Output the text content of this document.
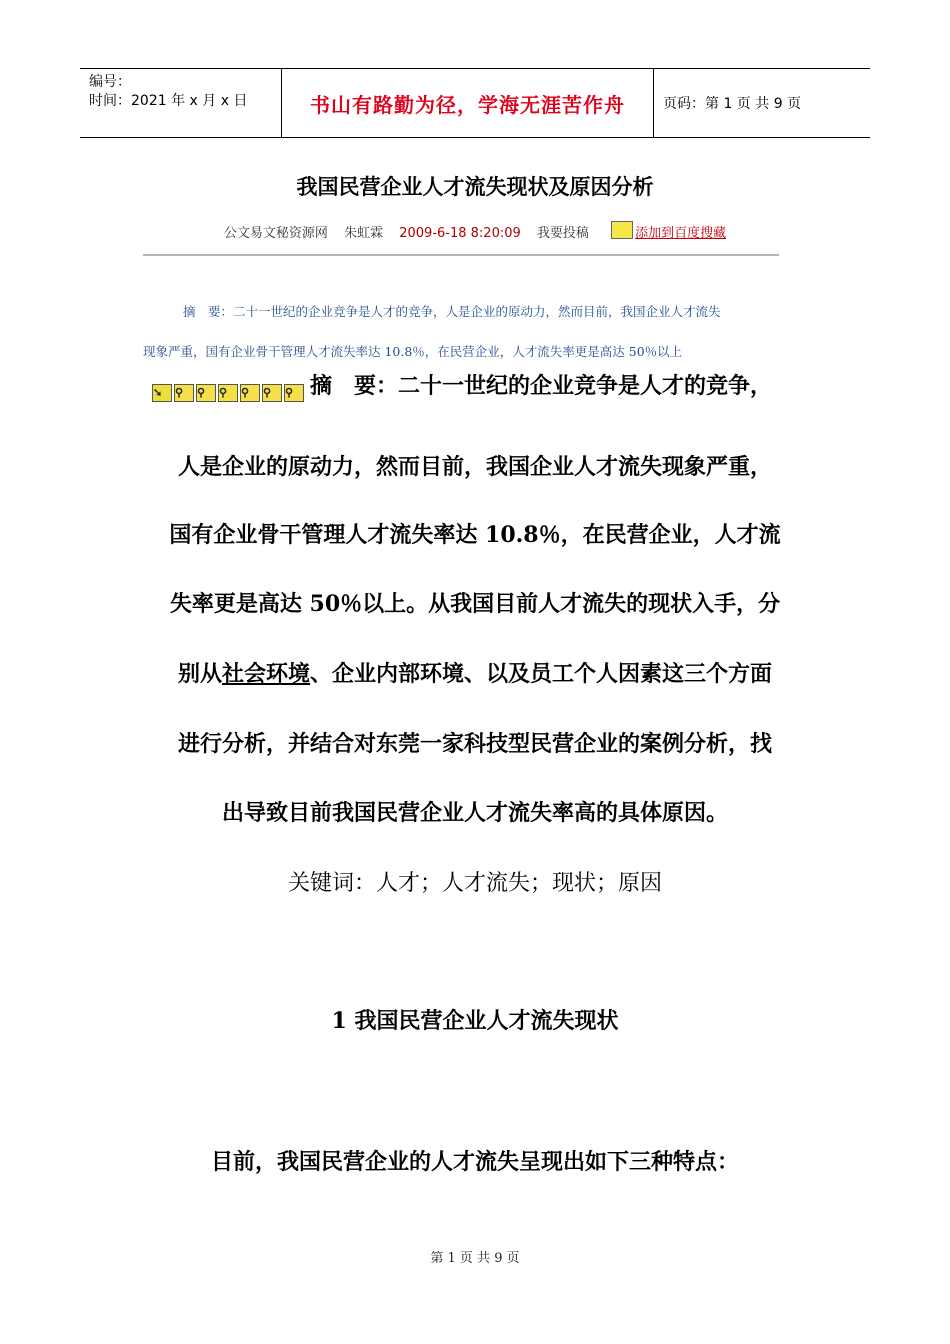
编号：
时间：2021 年 x 月 x 日	书山有路勤为径，学海无涯苦作舟	页码：第 1 页 共 9 页
我国民营企业人才流失现状及原因分析
公文易文秘资源网 朱虹霖 2009-6-18 8:20:09 我要投稿	添加到百度搜藏
摘　要：二十一世纪的企业竞争是人才的竞争，人是企业的原动力，然而目前，我国企业人才流失
现象严重，国有企业骨干管理人才流失率达 10.8％，在民营企业，人才流失率更是高达 50％以上
➘ ⚲ ⚲ ⚲ ⚲ ⚲ ⚲ 摘　要：二十一世纪的企业竞争是人才的竞争，
人是企业的原动力，然而目前，我国企业人才流失现象严重，
国有企业骨干管理人才流失率达 10.8％，在民营企业，人才流
失率更是高达 50％以上。从我国目前人才流失的现状入手，分
别从社会环境、企业内部环境、以及员工个人因素这三个方面
进行分析，并结合对东莞一家科技型民营企业的案例分析，找
出导致目前我国民营企业人才流失率高的具体原因。
关键词：人才；人才流失；现状；原因
1 我国民营企业人才流失现状
目前，我国民营企业的人才流失呈现出如下三种特点：
第 1 页 共 9 页
